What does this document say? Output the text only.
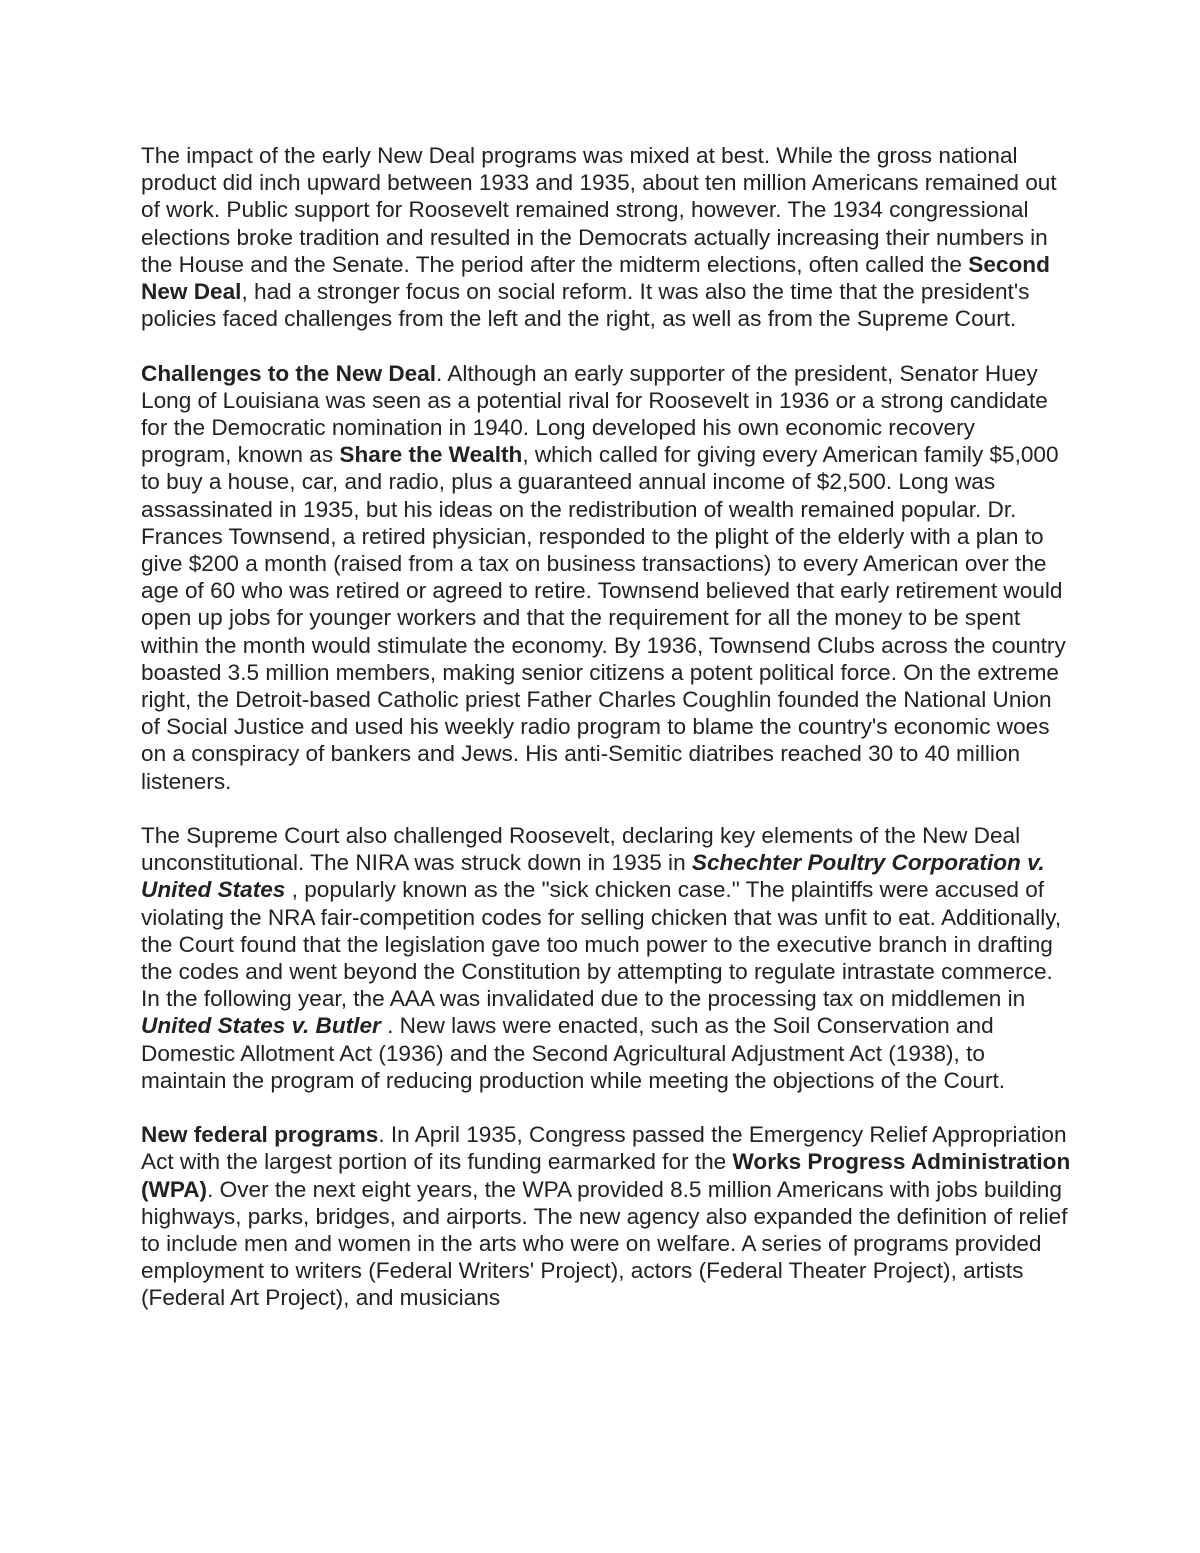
The impact of the early New Deal programs was mixed at best. While the gross national product did inch upward between 1933 and 1935, about ten million Americans remained out of work. Public support for Roosevelt remained strong, however. The 1934 congressional elections broke tradition and resulted in the Democrats actually increasing their numbers in the House and the Senate. The period after the midterm elections, often called the Second New Deal, had a stronger focus on social reform. It was also the time that the president's policies faced challenges from the left and the right, as well as from the Supreme Court.

Challenges to the New Deal. Although an early supporter of the president, Senator Huey Long of Louisiana was seen as a potential rival for Roosevelt in 1936 or a strong candidate for the Democratic nomination in 1940. Long developed his own economic recovery program, known as Share the Wealth, which called for giving every American family $5,000 to buy a house, car, and radio, plus a guaranteed annual income of $2,500. Long was assassinated in 1935, but his ideas on the redistribution of wealth remained popular. Dr. Frances Townsend, a retired physician, responded to the plight of the elderly with a plan to give $200 a month (raised from a tax on business transactions) to every American over the age of 60 who was retired or agreed to retire. Townsend believed that early retirement would open up jobs for younger workers and that the requirement for all the money to be spent within the month would stimulate the economy. By 1936, Townsend Clubs across the country boasted 3.5 million members, making senior citizens a potent political force. On the extreme right, the Detroit-based Catholic priest Father Charles Coughlin founded the National Union of Social Justice and used his weekly radio program to blame the country's economic woes on a conspiracy of bankers and Jews. His anti-Semitic diatribes reached 30 to 40 million listeners.

The Supreme Court also challenged Roosevelt, declaring key elements of the New Deal unconstitutional. The NIRA was struck down in 1935 in Schechter Poultry Corporation v. United States , popularly known as the "sick chicken case." The plaintiffs were accused of violating the NRA fair-competition codes for selling chicken that was unfit to eat. Additionally, the Court found that the legislation gave too much power to the executive branch in drafting the codes and went beyond the Constitution by attempting to regulate intrastate commerce. In the following year, the AAA was invalidated due to the processing tax on middlemen in United States v. Butler . New laws were enacted, such as the Soil Conservation and Domestic Allotment Act (1936) and the Second Agricultural Adjustment Act (1938), to maintain the program of reducing production while meeting the objections of the Court.

New federal programs. In April 1935, Congress passed the Emergency Relief Appropriation Act with the largest portion of its funding earmarked for the Works Progress Administration (WPA). Over the next eight years, the WPA provided 8.5 million Americans with jobs building highways, parks, bridges, and airports. The new agency also expanded the definition of relief to include men and women in the arts who were on welfare. A series of programs provided employment to writers (Federal Writers' Project), actors (Federal Theater Project), artists (Federal Art Project), and musicians
